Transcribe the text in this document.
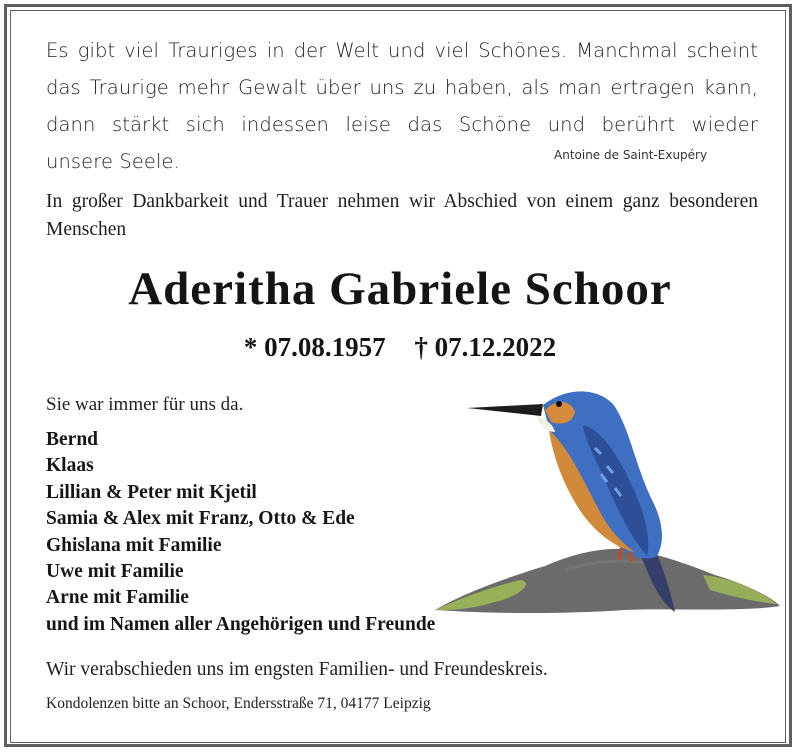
Es gibt viel Trauriges in der Welt und viel Schönes. Manchmal scheint
das Traurige mehr Gewalt über uns zu haben, als man ertragen kann,
dann stärkt sich indessen leise das Schöne und berührt wieder
unsere Seele.	Antoine de Saint-Exupéry
In großer Dankbarkeit und Trauer nehmen wir Abschied von einem ganz besonderen Menschen
Aderitha Gabriele Schoor
* 07.08.1957 † 07.12.2022
Sie war immer für uns da.
Bernd
Klaas
Lillian & Peter mit Kjetil
Samia & Alex mit Franz, Otto & Ede
Ghislana mit Familie
Uwe mit Familie
Arne mit Familie
und im Namen aller Angehörigen und Freunde
Wir verabschieden uns im engsten Familien- und Freundeskreis.
Kondolenzen bitte an Schoor, Endersstraße 71, 04177 Leipzig
